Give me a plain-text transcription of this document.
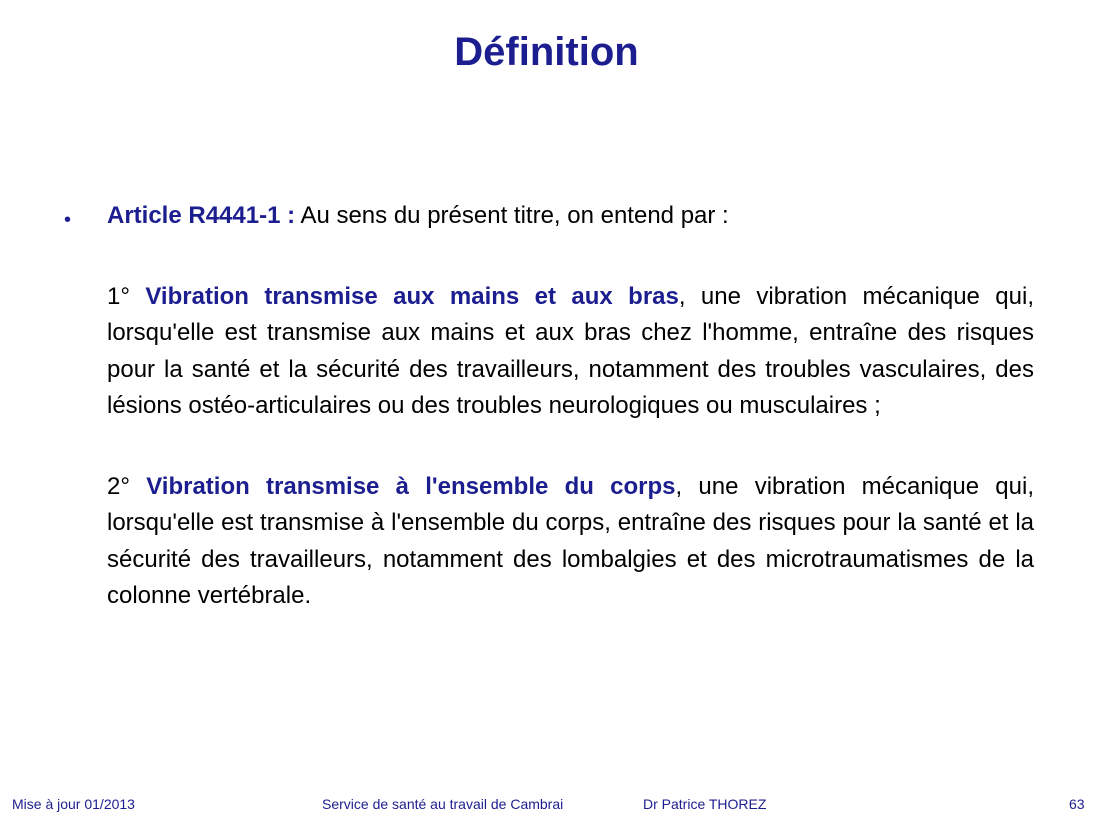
Définition
• Article R4441-1 : Au sens du présent titre, on entend par :

1° Vibration transmise aux mains et aux bras, une vibration mécanique qui, lorsqu'elle est transmise aux mains et aux bras chez l'homme, entraîne des risques pour la santé et la sécurité des travailleurs, notamment des troubles vasculaires, des lésions ostéo-articulaires ou des troubles neurologiques ou musculaires ;

2° Vibration transmise à l'ensemble du corps, une vibration mécanique qui, lorsqu'elle est transmise à l'ensemble du corps, entraîne des risques pour la santé et la sécurité des travailleurs, notamment des lombalgies et des microtraumatismes de la colonne vertébrale.

Mise à jour 01/2013	Service de santé au travail de Cambrai	Dr Patrice THOREZ	63
